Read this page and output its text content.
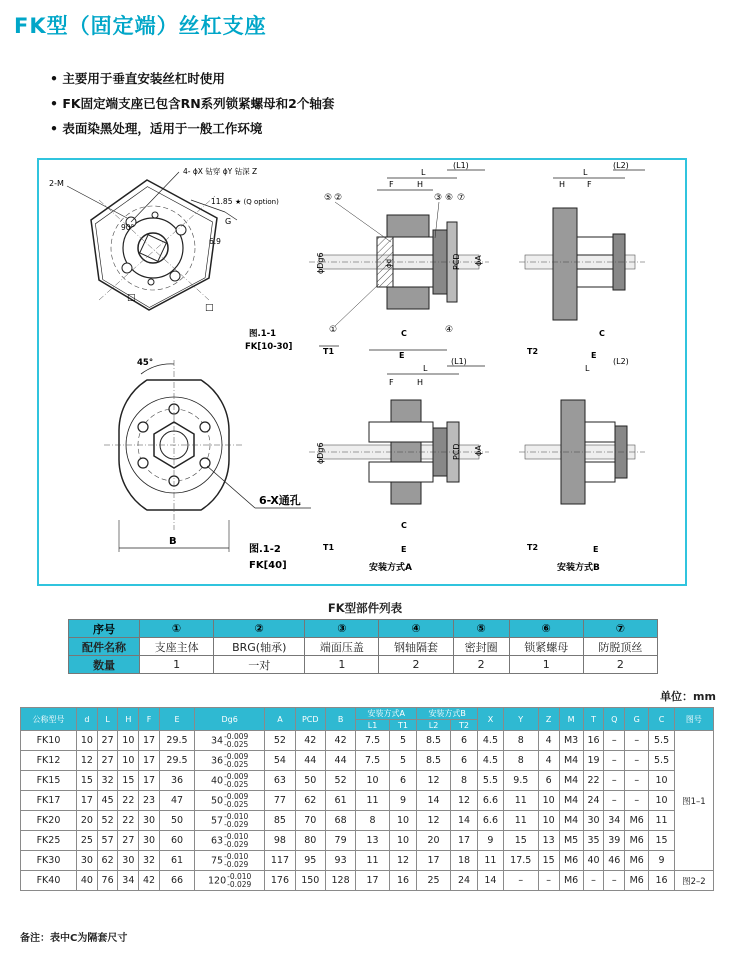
FK型（固定端）丝杠支座
• 主要用于垂直安装丝杠时使用
• FK固定端支座已包含RN系列锁紧螺母和2个轴套
• 表面染黑处理，适用于一般工作环境
4- ϕX 钻穿 ϕY 钻深 Z
2-M
11.85 ★ (Q option)
G
6.9
90°
□
□
图.1-1
FK[10-30]
45°
6-X通孔
B
图.1-2
FK[40]
L
(L1)
F	H
ϕDg6	ϕd	PCD ϕA
T1	E
C
⑤ ②	③ ⑥ ⑦
①	④
L
(L2)
H	F
T2	E
C
L
(L1)
F	H
ϕDg6	PCD ϕA
T1	E
C
安装方式A
L
(L2)
T2	E
安装方式B
FK型部件列表
序号	①	②	③	④	⑤	⑥	⑦
配件名称	支座主体	BRG(轴承)	端面压盖	钢轴隔套	密封圈	锁紧螺母	防脱顶丝
数量	1	一对	1	2	2	1	2
单位：mm
公称型号	d	L	H	F	E	Dg6	A	PCD	B	安装方式A		安装方式B		X	Y	Z	M	T	Q	G	C	图号
										L1	T1	L2	T2									
FK10	10	27	10	17	29.5	34 -0.009
-0.025	52	42	42	7.5	5	8.5	6	4.5	8	4	M3	16	–	–	5.5	图1–1
FK12	12	27	10	17	29.5	36 -0.009
-0.025	54	44	44	7.5	5	8.5	6	4.5	8	4	M4	19	–	–	5.5	
FK15	15	32	15	17	36	40 -0.009
-0.025	63	50	52	10	6	12	8	5.5	9.5	6	M4	22	–	–	10	
FK17	17	45	22	23	47	50 -0.009
-0.025	77	62	61	11	9	14	12	6.6	11	10	M4	24	–	–	10	
FK20	20	52	22	30	50	57 -0.010
-0.029	85	70	68	8	10	12	14	6.6	11	10	M4	30	34	M6	11	
FK25	25	57	27	30	60	63 -0.010
-0.029	98	80	79	13	10	20	17	9	15	13	M5	35	39	M6	15	
FK30	30	62	30	32	61	75 -0.010
-0.029	117	95	93	11	12	17	18	11	17.5	15	M6	40	46	M6	9	
FK40	40	76	34	42	66	120 -0.010
-0.029	176	150	128	17	16	25	24	14	–	–	M6	–	–	M6	16	图2–2
备注：表中C为隔套尺寸
